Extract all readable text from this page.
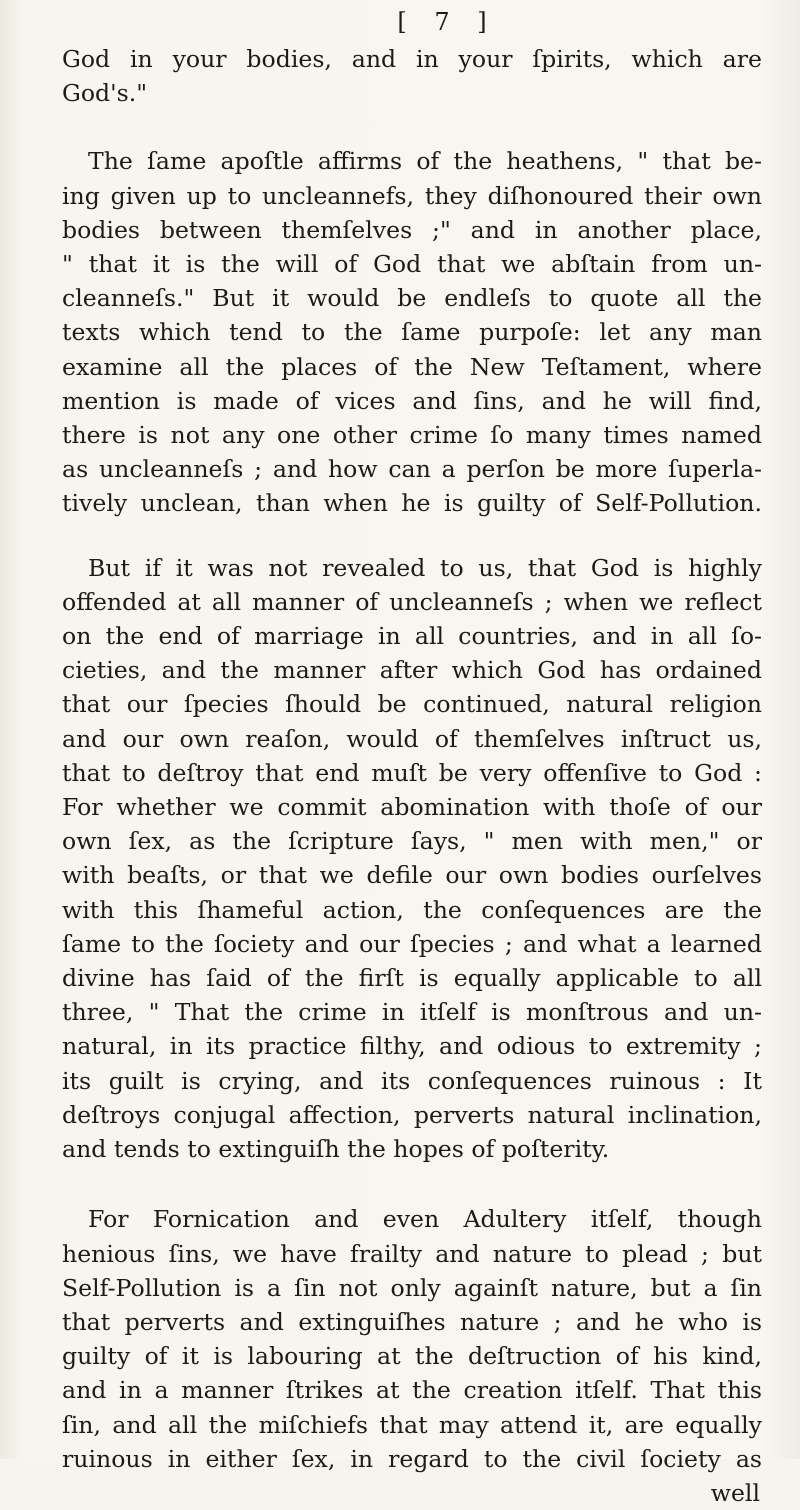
[ 7 ]

God in your bodies, and in your ſpirits, which are
God's."

The ſame apoſtle affirms of the heathens, " that be-
ing given up to uncleannefs, they diſhonoured their own
bodies between themſelves ;" and in another place,
" that it is the will of God that we abſtain from un-
cleanneſs." But it would be endleſs to quote all the
texts which tend to the ſame purpoſe: let any man
examine all the places of the New Teſtament, where
mention is made of vices and ſins, and he will find,
there is not any one other crime ſo many times named
as uncleanneſs ; and how can a perſon be more ſuperla-
tively unclean, than when he is guilty of Self-Pollution.

But if it was not revealed to us, that God is highly
offended at all manner of uncleanneſs ; when we reflect
on the end of marriage in all countries, and in all ſo-
cieties, and the manner after which God has ordained
that our ſpecies ſhould be continued, natural religion
and our own reaſon, would of themſelves inſtruct us,
that to deſtroy that end muſt be very offenſive to God :
For whether we commit abomination with thoſe of our
own ſex, as the ſcripture ſays, " men with men," or
with beaſts, or that we defile our own bodies ourſelves
with this ſhameful action, the conſequences are the
ſame to the ſociety and our ſpecies ; and what a learned
divine has ſaid of the firſt is equally applicable to all
three, " That the crime in itſelf is monſtrous and un-
natural, in its practice filthy, and odious to extremity ;
its guilt is crying, and its conſequences ruinous : It
deſtroys conjugal affection, perverts natural inclination,
and tends to extinguiſh the hopes of poſterity.

For Fornication and even Adultery itſelf, though
henious ſins, we have frailty and nature to plead ; but
Self-Pollution is a ſin not only againſt nature, but a ſin
that perverts and extinguiſhes nature ; and he who is
guilty of it is labouring at the deſtruction of his kind,
and in a manner ſtrikes at the creation itſelf. That this
ſin, and all the miſchiefs that may attend it, are equally
ruinous in either ſex, in regard to the civil ſociety as

well
